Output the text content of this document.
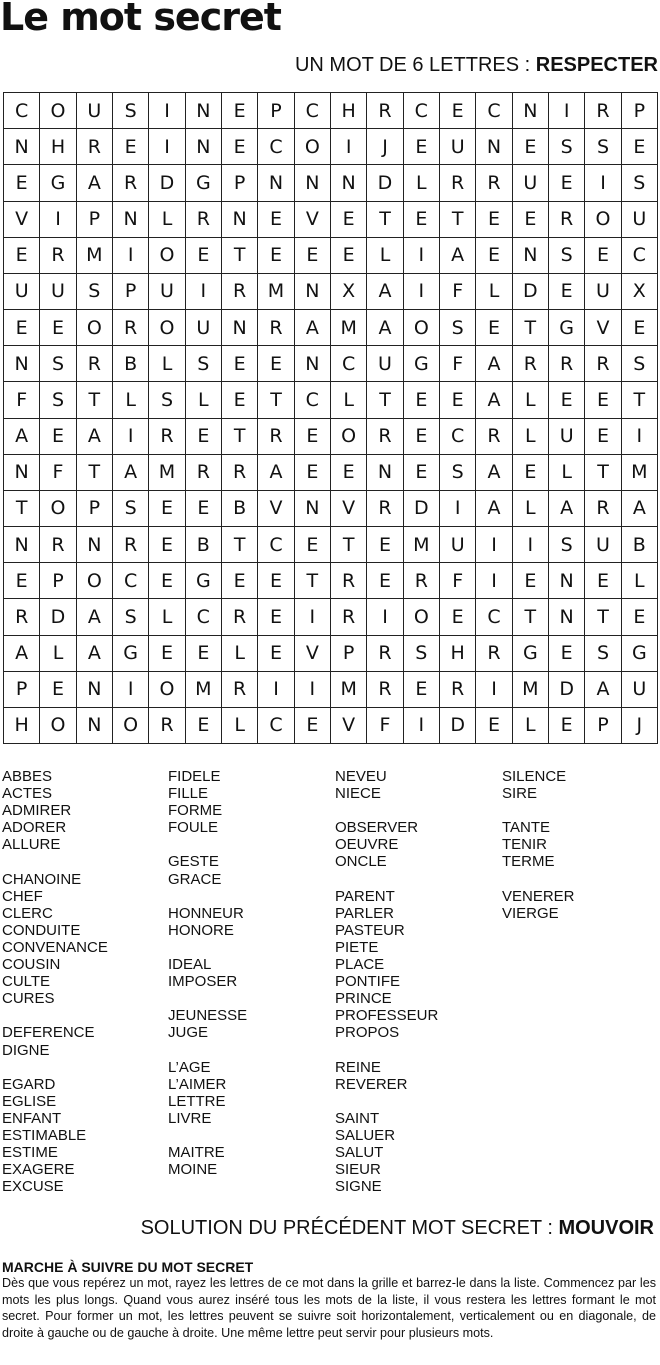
Le mot secret
UN MOT DE 6 LETTRES : RESPECTER
C	O	U	S	I	N	E	P	C	H	R	C	E	C	N	I	R	P
N	H	R	E	I	N	E	C	O	I	J	E	U	N	E	S	S	E
E	G	A	R	D	G	P	N	N	N	D	L	R	R	U	E	I	S
V	I	P	N	L	R	N	E	V	E	T	E	T	E	E	R	O	U
E	R	M	I	O	E	T	E	E	E	L	I	A	E	N	S	E	C
U	U	S	P	U	I	R	M	N	X	A	I	F	L	D	E	U	X
E	E	O	R	O	U	N	R	A	M	A	O	S	E	T	G	V	E
N	S	R	B	L	S	E	E	N	C	U	G	F	A	R	R	R	S
F	S	T	L	S	L	E	T	C	L	T	E	E	A	L	E	E	T
A	E	A	I	R	E	T	R	E	O	R	E	C	R	L	U	E	I
N	F	T	A	M	R	R	A	E	E	N	E	S	A	E	L	T	M
T	O	P	S	E	E	B	V	N	V	R	D	I	A	L	A	R	A
N	R	N	R	E	B	T	C	E	T	E	M	U	I	I	S	U	B
E	P	O	C	E	G	E	E	T	R	E	R	F	I	E	N	E	L
R	D	A	S	L	C	R	E	I	R	I	O	E	C	T	N	T	E
A	L	A	G	E	E	L	E	V	P	R	S	H	R	G	E	S	G
P	E	N	I	O	M	R	I	I	M	R	E	R	I	M	D	A	U
H	O	N	O	R	E	L	C	E	V	F	I	D	E	L	E	P	J
ABBES
ACTES
ADMIRER
ADORER
ALLURE
CHANOINE
CHEF
CLERC
CONDUITE
CONVENANCE
COUSIN
CULTE
CURES
DEFERENCE
DIGNE
EGARD
EGLISE
ENFANT
ESTIMABLE
ESTIME
EXAGERE
EXCUSE
FIDELE
FILLE
FORME
FOULE
GESTE
GRACE
HONNEUR
HONORE
IDEAL
IMPOSER
JEUNESSE
JUGE
L’AGE
L’AIMER
LETTRE
LIVRE
MAITRE
MOINE
NEVEU
NIECE
OBSERVER
OEUVRE
ONCLE
PARENT
PARLER
PASTEUR
PIETE
PLACE
PONTIFE
PRINCE
PROFESSEUR
PROPOS
REINE
REVERER
SAINT
SALUER
SALUT
SIEUR
SIGNE
SILENCE
SIRE
TANTE
TENIR
TERME
VENERER
VIERGE
SOLUTION DU PRÉCÉDENT MOT SECRET : MOUVOIR
MARCHE À SUIVRE DU MOT SECRET

Dès que vous repérez un mot, rayez les lettres de ce mot dans la grille et barrez-le dans la liste. Commencez par les mots les plus longs. Quand vous aurez inséré tous les mots de la liste, il vous restera les lettres formant le mot secret. Pour former un mot, les lettres peuvent se suivre soit horizontalement, verticalement ou en diagonale, de droite à gauche ou de gauche à droite. Une même lettre peut servir pour plusieurs mots.
